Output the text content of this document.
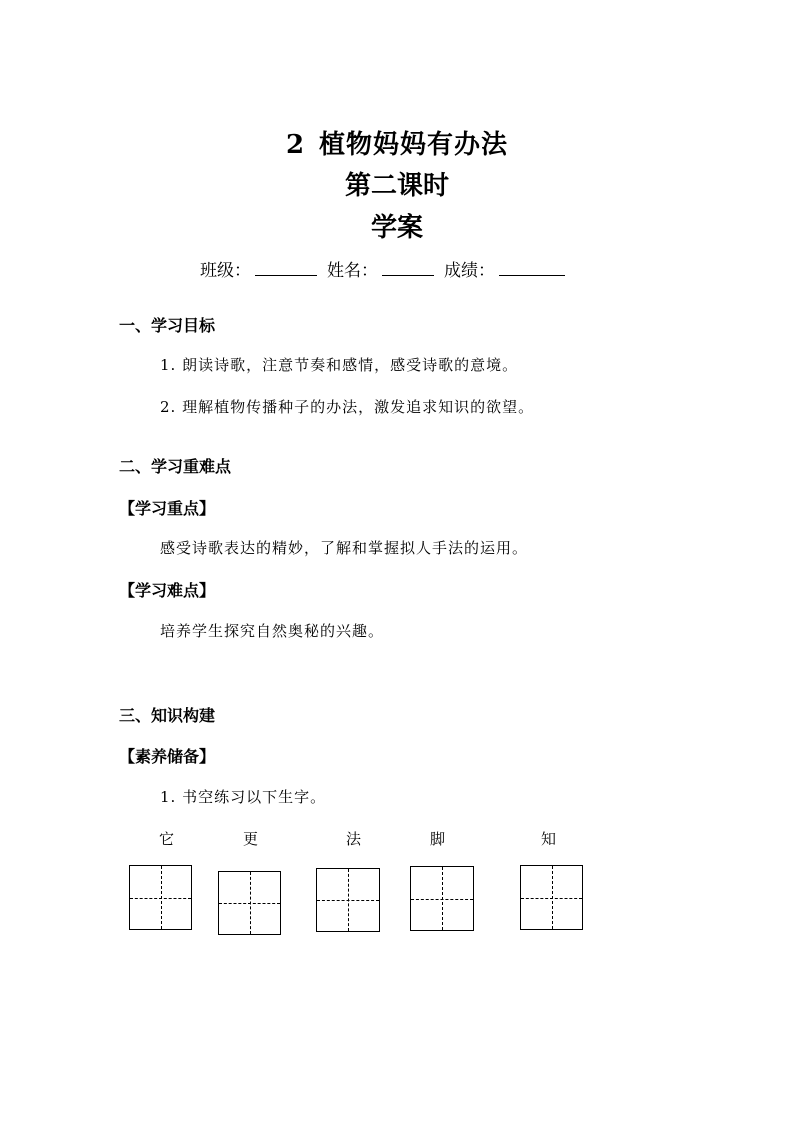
2 植物妈妈有办法
第二课时
学案
班级：	姓名：	成绩：
一、学习目标
1. 朗读诗歌，注意节奏和感情，感受诗歌的意境。
2. 理解植物传播种子的办法，激发追求知识的欲望。
二、学习重难点
【学习重点】
感受诗歌表达的精妙，了解和掌握拟人手法的运用。
【学习难点】
培养学生探究自然奥秘的兴趣。
三、知识构建
【素养储备】
1. 书空练习以下生字。
它	更	法	脚	知
